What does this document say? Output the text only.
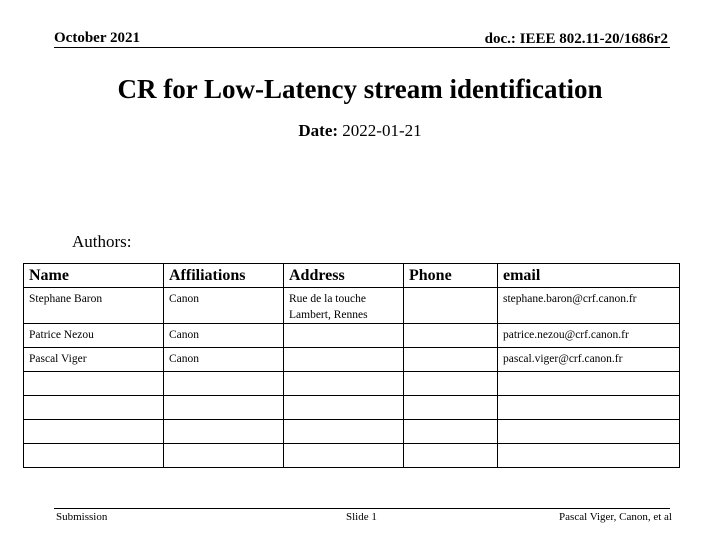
October 2021	doc.: IEEE 802.11-20/1686r2
CR for Low-Latency stream identification
Date: 2022-01-21
Authors:
Name	Affiliations	Address	Phone	email

Stephane Baron	Canon	Rue de la touche Lambert, Rennes		stephane.baron@crf.canon.fr

Patrice Nezou	Canon			patrice.nezou@crf.canon.fr

Pascal Viger	Canon			pascal.viger@crf.canon.fr

Submission	Slide 1	Pascal Viger, Canon, et al
